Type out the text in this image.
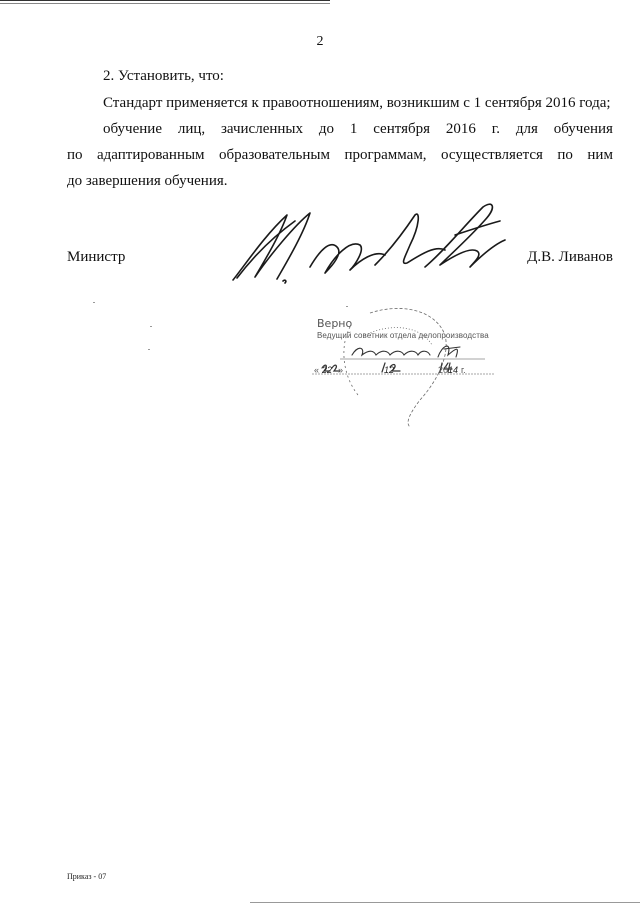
2
2. Установить, что:
Стандарт применяется к правоотношениям, возникшим с 1 сентября 2016 года;
обучение лиц, зачисленных до 1 сентября 2016 г. для обучения
по адаптированным образовательным программам, осуществляется по ним
до завершения обучения.
Министр	Д.В. Ливанов
Верно
Ведущий советник отдела делопроизводства
« 22 »	12	20 14 г.
Приказ - 07
